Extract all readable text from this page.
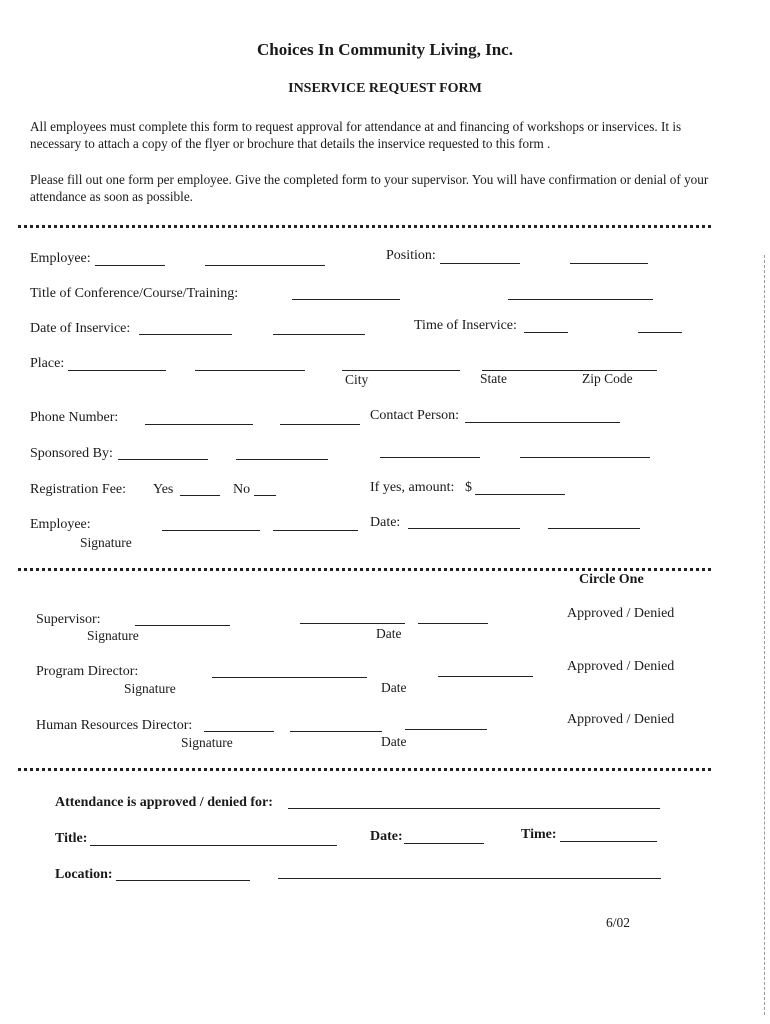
Choices In Community Living, Inc.
INSERVICE REQUEST FORM
All employees must complete this form to request approval for attendance at and financing of workshops or inservices. It is necessary to attach a copy of the flyer or brochure that details the inservice requested to this form .
Please fill out one form per employee. Give the completed form to your supervisor. You will have confirmation or denial of your attendance as soon as possible.
Employee:	Position:
Title of Conference/Course/Training:
Date of Inservice:	Time of Inservice:
Place:
City	State	Zip Code
Phone Number:	Contact Person:
Sponsored By:
Registration Fee: Yes	No	If yes, amount: $
Employee:
Signature
Date:
Circle One
Supervisor:
Signature	Date
Approved / Denied
Program Director:
Signature	Date
Approved / Denied
Human Resources Director:
Signature	Date
Approved / Denied
Attendance is approved / denied for:
Title:	Date:	Time:
Location:
6/02
